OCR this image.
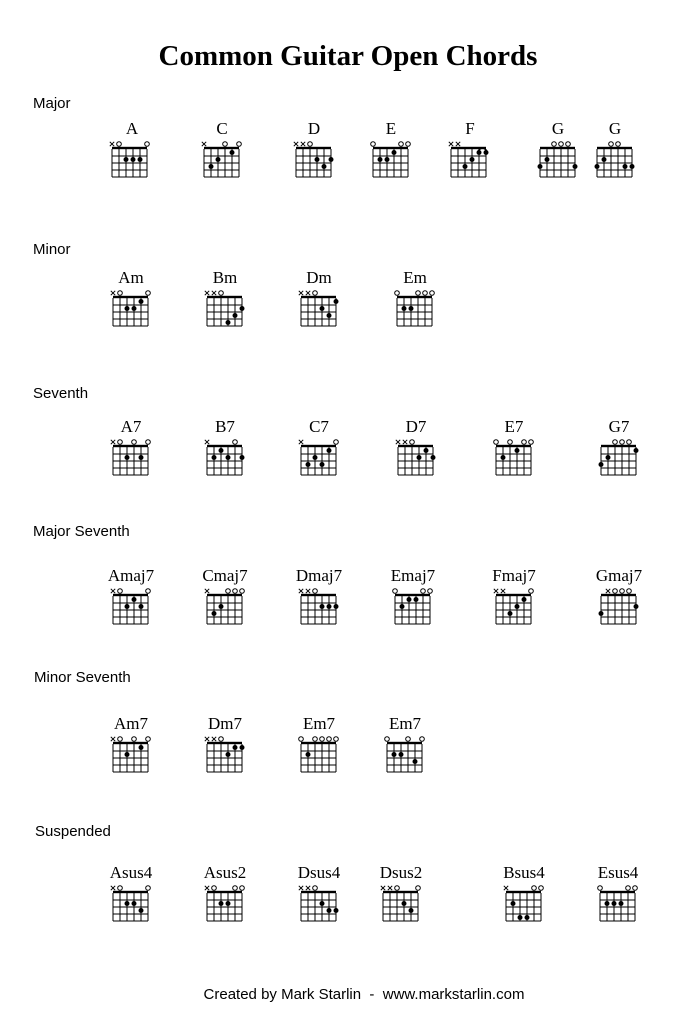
Common Guitar Open Chords
Major
Minor
Seventh
Major Seventh
Minor Seventh
Suspended
A	C	D	E	F	G	G
Am	Bm	Dm	Em
A7	B7	C7	D7	E7	G7
Amaj7	Cmaj7	Dmaj7	Emaj7	Fmaj7	Gmaj7
Am7	Dm7	Em7	Em7
Asus4	Asus2	Dsus4	Dsus2	Bsus4	Esus4
Created by Mark Starlin  -  www.markstarlin.com
